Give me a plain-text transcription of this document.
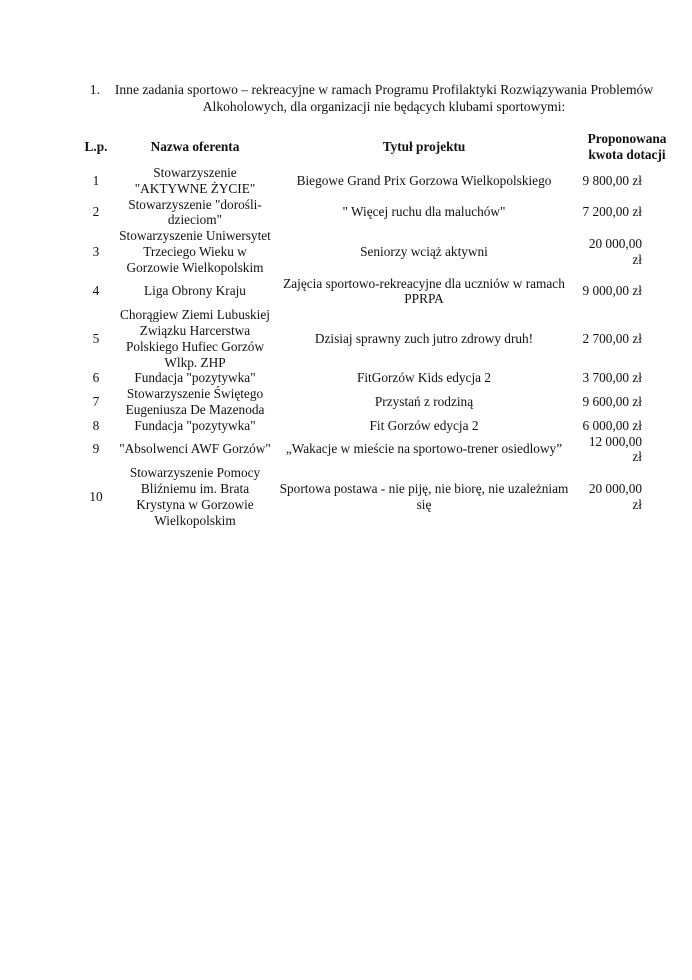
1.	Inne zadania sportowo – rekreacyjne w ramach Programu Profilaktyki Rozwiązywania Problemów Alkoholowych, dla organizacji nie będących klubami sportowymi:
L.p.	Nazwa oferenta	Tytuł projektu	Proponowana kwota dotacji
1	Stowarzyszenie "AKTYWNE ŻYCIE"	Biegowe Grand Prix Gorzowa Wielkopolskiego	9 800,00 zł
2	Stowarzyszenie "dorośli-dzieciom"	" Więcej ruchu dla maluchów"	7 200,00 zł
3	Stowarzyszenie Uniwersytet Trzeciego Wieku w Gorzowie Wielkopolskim	Seniorzy wciąż aktywni	20 000,00 zł
4	Liga Obrony Kraju	Zajęcia sportowo-rekreacyjne dla uczniów w ramach PPRPA	9 000,00 zł
5	Chorągiew Ziemi Lubuskiej Związku Harcerstwa Polskiego Hufiec Gorzów Wlkp. ZHP	Dzisiaj sprawny zuch jutro zdrowy druh!	2 700,00 zł
6	Fundacja "pozytywka"	FitGorzów Kids edycja 2	3 700,00 zł
7	Stowarzyszenie Świętego Eugeniusza De Mazenoda	Przystań z rodziną	9 600,00 zł
8	Fundacja "pozytywka"	Fit Gorzów edycja 2	6 000,00 zł
9	"Absolwenci AWF Gorzów"	„Wakacje w mieście na sportowo-trener osiedlowy”	12 000,00 zł
10	Stowarzyszenie Pomocy Bliźniemu im. Brata Krystyna w Gorzowie Wielkopolskim	Sportowa postawa - nie piję, nie biorę, nie uzależniam się	20 000,00 zł
